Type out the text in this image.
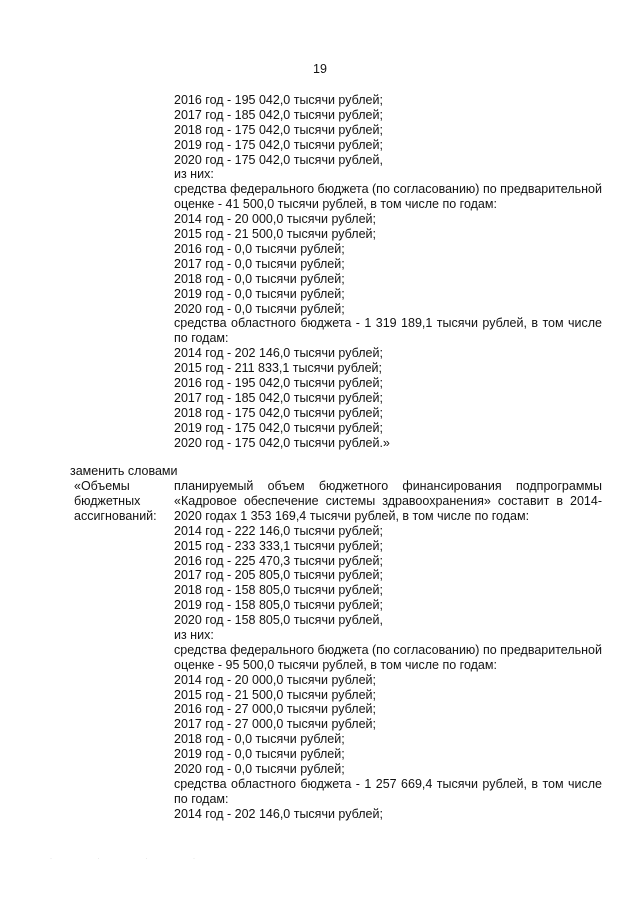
19
2016 год - 195 042,0 тысячи рублей;
2017 год - 185 042,0 тысячи рублей;
2018 год - 175 042,0 тысячи рублей;
2019 год - 175 042,0 тысячи рублей;
2020 год - 175 042,0 тысячи рублей,
из них:
средства федерального бюджета (по согласованию) по предварительной оценке - 41 500,0 тысячи рублей, в том числе по годам:
2014 год - 20 000,0 тысячи рублей;
2015 год - 21 500,0 тысячи рублей;
2016 год - 0,0 тысячи рублей;
2017 год - 0,0 тысячи рублей;
2018 год - 0,0 тысячи рублей;
2019 год - 0,0 тысячи рублей;
2020 год - 0,0 тысячи рублей;
средства областного бюджета - 1 319 189,1 тысячи рублей, в том числе по годам:
2014 год - 202 146,0 тысячи рублей;
2015 год - 211 833,1 тысячи рублей;
2016 год - 195 042,0 тысячи рублей;
2017 год - 185 042,0 тысячи рублей;
2018 год - 175 042,0 тысячи рублей;
2019 год - 175 042,0 тысячи рублей;
2020 год - 175 042,0 тысячи рублей.»
заменить словами
«Объемы
бюджетных
ассигнований:
планируемый объем бюджетного финансирования подпрограммы «Кадровое обеспечение системы здравоохранения» составит в 2014-2020 годах 1 353 169,4 тысячи рублей, в том числе по годам:
2014 год - 222 146,0 тысячи рублей;
2015 год - 233 333,1 тысячи рублей;
2016 год - 225 470,3 тысячи рублей;
2017 год - 205 805,0 тысячи рублей;
2018 год - 158 805,0 тысячи рублей;
2019 год - 158 805,0 тысячи рублей;
2020 год - 158 805,0 тысячи рублей,
из них:
средства федерального бюджета (по согласованию) по предварительной оценке - 95 500,0 тысячи рублей, в том числе по годам:
2014 год - 20 000,0 тысячи рублей;
2015 год - 21 500,0 тысячи рублей;
2016 год - 27 000,0 тысячи рублей;
2017 год - 27 000,0 тысячи рублей;
2018 год - 0,0 тысячи рублей;
2019 год - 0,0 тысячи рублей;
2020 год - 0,0 тысячи рублей;
средства областного бюджета - 1 257 669,4 тысячи рублей, в том числе по годам:
2014 год - 202 146,0 тысячи рублей;
· · · ·
